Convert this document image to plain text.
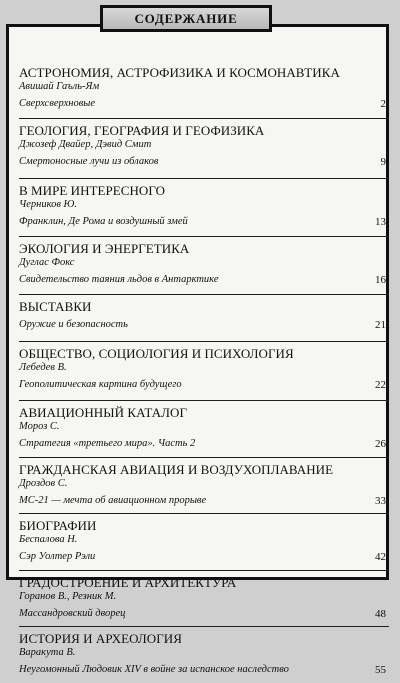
СОДЕРЖАНИЕ
АСТРОНОМИЯ, АСТРОФИЗИКА И КОСМОНАВТИКА
Авишай Гаъль-Ям
Сверхсверхновые	2
ГЕОЛОГИЯ, ГЕОГРАФИЯ И ГЕОФИЗИКА
Джозеф Двайер, Дэвид Смит
Смертоносные лучи из облаков	9
В МИРЕ ИНТЕРЕСНОГО
Черников Ю.
Франклин, Де Рома и воздушный змей	13
ЭКОЛОГИЯ И ЭНЕРГЕТИКА
Дуглас Фокс
Свидетельство таяния льдов в Антарктике	16
ВЫСТАВКИ
Оружие и безопасность	21
ОБЩЕСТВО, СОЦИОЛОГИЯ И ПСИХОЛОГИЯ
Лебедев В.
Геополитическая картина будущего	22
АВИАЦИОННЫЙ КАТАЛОГ
Мороз С.
Стратегия «третьего мира». Часть 2	26
ГРАЖДАНСКАЯ АВИАЦИЯ И ВОЗДУХОПЛАВАНИЕ
Дроздов С.
МС-21 — мечта об авиационном прорыве	33
БИОГРАФИИ
Беспалова Н.
Сэр Уолтер Рэли	42
ГРАДОСТРОЕНИЕ И АРХИТЕКТУРА
Горанов В., Резник М.
Массандровский дворец	48
ИСТОРИЯ И АРХЕОЛОГИЯ
Варакута В.
Неугомонный Людовик XIV в войне за испанское наследство	55
